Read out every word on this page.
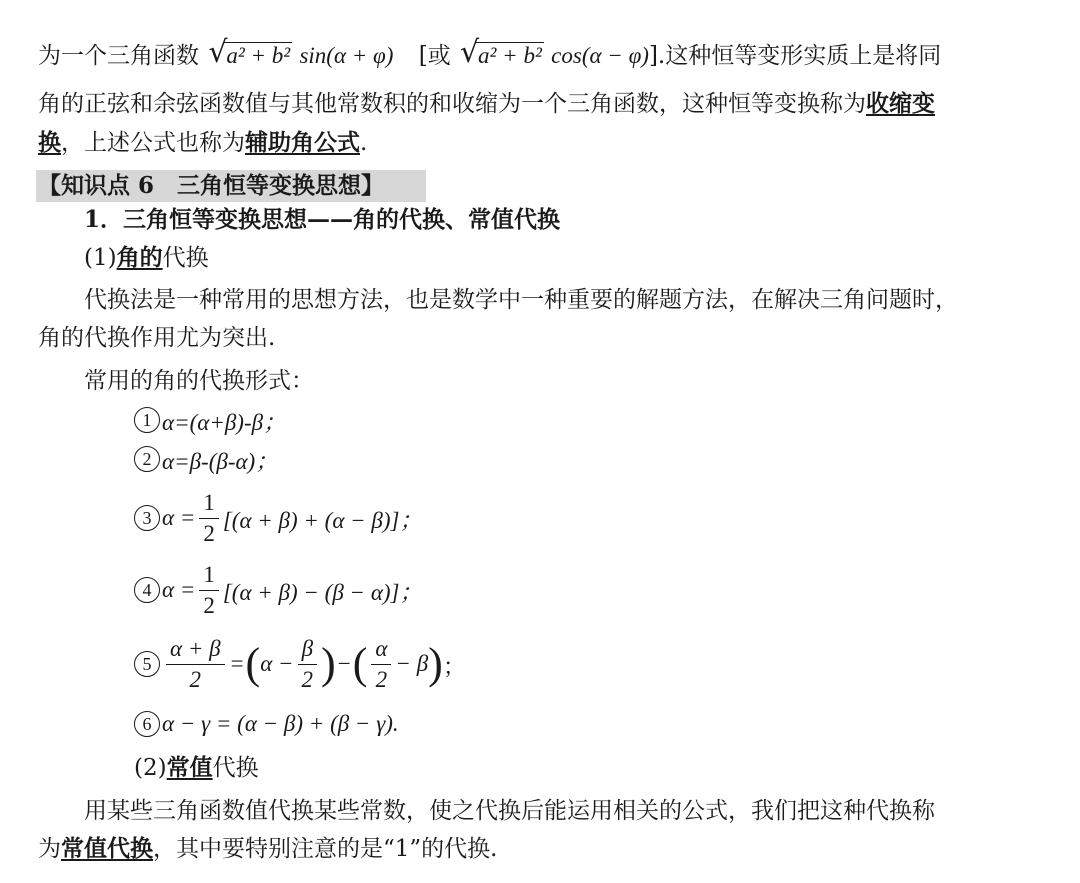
为一个三角函数 √
a² + b² sin(α + φ) [或 √
a² + b² cos(α − φ)].这种恒等变形实质上是将同
角的正弦和余弦函数值与其他常数积的和收缩为一个三角函数，这种恒等变换称为收缩变
换，上述公式也称为辅助角公式.
【知识点 6　三角恒等变换思想】
1．三角恒等变换思想——角的代换、常值代换
(1)角的代换
代换法是一种常用的思想方法，也是数学中一种重要的解题方法，在解决三角问题时，
角的代换作用尤为突出.
常用的角的代换形式：
1 α=(α+β)-β；
2 α=β-(β-α)；
3 $\alpha = \frac{1}{2} [(\alpha + \beta) + (\alpha - \beta)]$；
4 $\alpha = \frac{1}{2} [(\alpha + \beta) - (\beta - \alpha)]$；
$5 \frac{\alpha + \beta}{2}$ = ( $\alpha - \frac{\beta}{2}$ ) − ( $\frac{\alpha}{2} - \beta$ ) ；
6 α − γ = (α − β) + (β − γ).
(2)常值代换
用某些三角函数值代换某些常数，使之代换后能运用相关的公式，我们把这种代换称
为常值代换，其中要特别注意的是“1”的代换.
